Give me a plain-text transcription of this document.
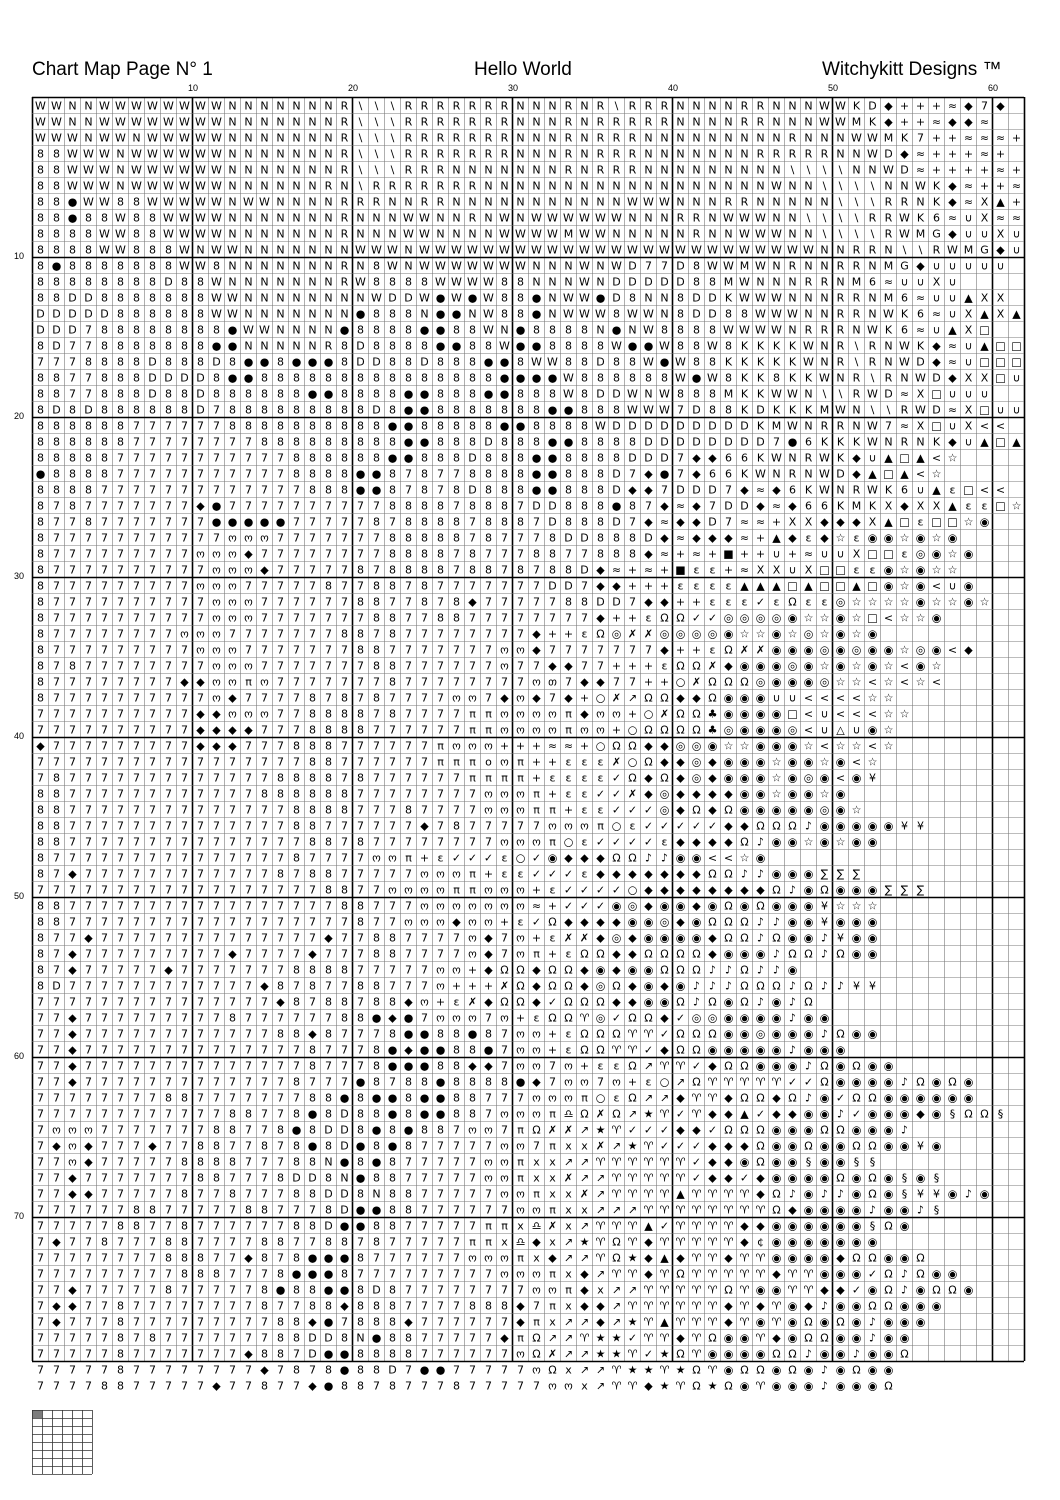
Chart Map Page N° 1	Hello World	Witchykitt Designs ™
10	20	30	40	50	60
10
20
30
40
50
60
70
W W N N W W W W W W W W N N N N N N N R \ \ \ R R R R R R R N N N R N R \ R R R N N N N R R N N N W W K D ◆ + + + ≈ ◆ 7 ◆
W W N N W W W W W W W W N N N N N N N R \ \ \ R R R R R R R N N N R N R R R R R N N N N R R N N N W W M K ◆ + + ≈ ◆ ◆ ≈
W W W N W W N W W W W W N N N N N N N R \ \ \ R R R R R R R N N N R N R R R N N N N N N N N N R N N N W W M K 7 + + ≈ ≈ ≈ +
8 8 W W W N W W W W W W N N N N N N N R \ \ \ R R R R R R R N N N R N R R R N N N N N N N R R R R R N N W D ◆ ≈ + + + ≈ +
8 8 W W W N W W W W W W N N N N N N N R \ \ \ R R R N N N N N N N R N R R R N N N N N N N N N \ \ \ \ N N W D ≈ + + + + ≈ +
8 8 W W W N W W W W W W N N N N N N R N \ R R R R R R R N N N N N N N N N N N N N N N N N N W N N \ \ \ \ N N W K ◆ ≈ + + ≈
8 8 ● W W 8 8 W W W W W N W W N N N N R R R N N R R N N N N N N N N N N N W W W N N N R R N N N N N \ \ \ R R N K ◆ ≈ X ▲ +
8 8 ● 8 8 W 8 8 W W W W N N N N N N N R N N N W W N N R N W N W W W W W W N N N R R N W W W N N \ \ \ \ R R W K 6 ≈ ∪ X ≈ ≈
8 8 8 8 W W 8 8 W W W W N N N N N N N R N N N W W N N N N W W W W M W W N N N N N R N N W W W N N \ \ \ \ R W M G ◆ ∪ ∪ X ∪
8 8 8 8 W W 8 8 8 W N W W N N N N N N N W W W N W W W W W W W W W W W W W W W W W W W W W W W W W N N R R N \ \ R W M G ◆ ∪
8 ● 8 8 8 8 8 8 8 W W 8 N N N N N N N R N 8 W N W W W W W W W N N N W N W D 7 7 D 8 W W M W N R N N R R N M G ◆ ∪ ∪ ∪ ∪ ∪
8 8 8 8 8 8 8 8 D 8 8 W N N N N N N N R W 8 8 8 8 W W W W 8 8 N N N W N D D D D D 8 8 M W N N N R R N M 6 ≈ ∪ ∪ X ∪
8 8 D D 8 8 8 8 8 8 8 W W N N N N N N N N W D D W ● W ● W 8 8 ● N W W ● D 8 N N 8 D D K W W W N N N R R N M 6 ≈ ∪ ∪ ▲ X X
D D D D D 8 8 8 8 8 8 W W N N N N N N N ● 8 8 8 N ● ● N W 8 8 ● N W W W 8 W W N 8 D D 8 8 W W W N N R R N W K 6 ≈ ∪ X ▲ X ▲
D D D 7 8 8 8 8 8 8 8 8 ● W W N N N N ● 8 8 8 8 ● ● 8 8 W N ● 8 8 8 8 N ● N W 8 8 8 8 W W W W N R R R N W K 6 ≈ ∪ ▲ X □
8 D 7 7 8 8 8 8 8 8 8 ● ● N N N N N R 8 D 8 8 8 8 ● ● 8 8 W ● ● 8 8 8 8 W ● ● W 8 8 W 8 K K K K W N R \ R N W K ◆ ≈ ∪ ▲ □ □
7 7 7 8 8 8 8 D 8 8 8 D 8 ● ● 8 ● ● ● 8 D D 8 8 D 8 8 8 ● ● 8 W W 8 8 D 8 8 W ● W 8 8 K K K K K W N R \ R N W D ◆ ≈ ∪ □ □ □
8 8 7 7 8 8 8 D D D D 8 ● ● 8 8 8 8 8 8 8 8 8 8 8 8 8 8 8 ● ● ● ● W 8 8 8 8 8 8 W ● W 8 K K 8 K K W N R \ R N W D ◆ X X □ ∪
8 8 7 7 8 8 8 D 8 8 D 8 8 8 8 8 8 ● ● 8 8 8 8 ● ● 8 8 8 ● ● 8 8 8 W 8 D D W N W 8 8 8 M K K W W N \ \ R W D ≈ X □ ∪ ∪ ∪
8 D 8 D 8 8 8 8 8 8 D 7 8 8 8 8 8 8 8 8 8 D 8 ● ● 8 8 8 8 8 8 8 ● ● 8 8 8 W W W 7 D 8 8 K D K K K M W N \ \ R W D ≈ X □ ∪ ∪
8 8 8 8 8 8 7 7 7 7 7 7 8 8 8 8 8 8 8 8 8 8 ● ● 8 8 8 8 8 ● ● 8 8 8 8 W D D D D D D D D D K M W N R R N W 7 ≈ X □ ∪ X < <
8 8 8 8 8 8 7 7 7 7 7 7 7 7 8 8 8 8 8 8 8 8 8 ● ● 8 8 8 D 8 8 8 ● ● 8 8 8 8 D D D D D D D D 7 ● 6 K K K W N R N K ◆ ∪ ▲ □ ▲
8 8 8 8 8 7 7 7 7 7 7 7 7 7 7 7 8 8 8 8 8 8 ● ● 8 8 8 D 8 8 8 ● ● 8 8 8 8 D D D 7 ◆ ◆ 6 6 K W N R W K ◆ ∪ ▲ □ ▲ < ☆
● 8 8 8 8 7 7 7 7 7 7 7 7 7 7 7 8 8 8 8 ● ● 8 7 8 7 7 8 8 8 8 ● ● 8 8 8 D 7 ◆ ● 7 ◆ 6 6 K W N R N W D ◆ ▲ □ ▲ < ☆
8 8 8 8 7 7 7 7 7 7 7 7 7 7 7 7 7 8 8 8 ● ● 8 7 8 7 8 D 8 8 8 ● ● 8 8 8 D ◆ ◆ 7 D D D 7 ◆ ≈ ◆ 6 K W N R W K 6 ∪ ▲ ε □ < <
8 7 8 7 7 7 7 7 7 7 ◆ ● 7 7 7 7 7 7 7 7 7 7 8 8 8 8 7 8 8 8 7 D D 8 8 8 ● 8 7 ◆ ≈ ◆ 7 D D ◆ ≈ ◆ 6 6 K M K X ◆ X X ▲ ε ε □ ☆
8 7 7 8 7 7 7 7 7 7 7 ● ● ● ● ● 7 7 7 7 7 8 7 8 8 8 8 7 8 8 8 7 D 8 8 8 D 7 ◆ ≈ ◆ ◆ D 7 ≈ ≈ + X X ◆ ◆ ◆ X ▲ □ ε □ □ ☆ ◉
8 7 7 7 7 7 7 7 7 7 7 7 ო ო ო 7 7 7 7 7 7 7 8 8 8 8 8 7 8 7 7 7 8 D D 8 8 8 D ◆ ≈ ◆ ◆ ◆ ≈ + ▲ ◆ ε ◆ ☆ ε ◉ ◉ ☆ ◉ ☆ ◉
8 7 7 7 7 7 7 7 7 7 ო ო ო ◆ 7 7 7 7 7 7 7 7 8 8 8 8 7 8 7 7 7 8 8 7 7 8 8 8 ◆ ≈ + ≈ + ■ + + ∪ + ≈ ∪ ∪ X □ □ ε ◎ ◉ ☆ ◉
8 7 7 7 7 7 7 7 7 7 7 ო ო ო ◆ 7 7 7 7 7 8 7 8 8 8 8 7 8 8 7 8 7 8 8 D ◆ ≈ + ≈ + ■ ε ε + ≈ X X ∪ X □ □ ε ε ◉ ☆ ◉ ☆ ☆
8 7 7 7 7 7 7 7 7 7 ო ო ო 7 7 7 7 7 8 7 7 8 8 7 8 7 7 7 7 7 7 7 D D 7 ◆ ◆ + + + ε ε ε ε ▲ ▲ ▲ □ ▲ □ □ ▲ □ ◉ ☆ ◉ < ∪ ◉
8 7 7 7 7 7 7 7 7 7 7 ო ო ო 7 7 7 7 7 7 8 8 7 7 8 7 8 ◆ 7 7 7 7 7 8 8 D D 7 ◆ ◆ + + ε ε ε ✓ ε Ω ε ε ◎ ☆ ☆ ☆ ☆ ◉ ☆ ☆ ◉ ☆
8 7 7 7 7 7 7 7 7 7 7 ო ო ო 7 7 7 7 7 7 7 8 8 7 7 8 8 7 7 7 7 7 7 7 7 ◆ + + ε Ω Ω ✓ ✓ ◎ ◎ ◎ ◎ ◉ ☆ ☆ ◉ ☆ □ < ☆ ☆ ◉
8 7 7 7 7 7 7 7 7 ო ო ო 7 7 7 7 7 7 7 8 8 7 8 7 7 7 7 7 7 7 7 ◆ + + ε Ω ◎ ✗ ✗ ◎ ◎ ◎ ◎ ◉ ☆ ☆ ◉ ☆ ◎ ☆ ◉ ☆ ◉
8 7 7 7 7 7 7 7 7 7 ო ო ო 7 7 7 7 7 7 7 8 8 7 7 7 7 7 7 7 ო ო ◆ 7 7 7 7 7 7 7 ◆ + + ε Ω ✗ ✗ ◉ ◉ ◉ ◎ ◉ ◎ ◉ ◉ ☆ ◎ ◉ < ◆
8 7 8 7 7 7 7 7 7 7 7 ო ო ო 7 7 7 7 7 7 7 8 8 7 7 7 7 7 7 ო 7 7 ◆ ◆ 7 7 + + + ε Ω Ω ✗ ◆ ◉ ◉ ◉ ◎ ◉ ☆ ◉ ☆ ◉ ☆ < ◉ ☆
8 7 7 7 7 7 7 7 7 ◆ ◆ ო ო π ო 7 7 7 7 7 7 7 8 7 7 7 7 7 7 7 7 ო თ 7 ◆ ◆ 7 7 + + ○ ✗ Ω Ω Ω ◎ ◉ ◉ ◉ ◎ ☆ ☆ < ☆ < ☆ <
8 7 7 7 7 7 7 7 7 7 7 ო ◆ 7 7 7 7 8 7 8 7 8 7 7 7 7 ო ო 7 ◆ ო ◆ 7 ◆ + ○ ✗ ↗ Ω Ω ◆ ◆ Ω ◉ ◉ ◉ ∪ ∪ < < < < ☆ ☆
7 7 7 7 7 7 7 7 7 7 ◆ ◆ ო ო ო 7 7 8 8 8 8 7 8 7 7 7 7 π π ო ო ო ო π ◆ ო ო + ○ ✗ Ω Ω ♣ ◉ ◉ ◉ ◉ □ < ∪ < < < ☆ ☆
7 7 7 7 7 7 7 7 7 7 ◆ ◆ ◆ ◆ 7 7 7 8 8 8 8 7 7 7 7 7 7 π π ო ო ო ო π ო ო + ○ Ω Ω Ω Ω ♣ ◎ ◉ ◉ ◉ ◎ < ∪ △ ∪ ◉ ☆
◆ 7 7 7 7 7 7 7 7 7 ◆ ◆ ◆ 7 7 7 8 8 8 7 7 7 7 7 7 π ო ო ო + + + ≈ ≈ + ○ Ω Ω ◆ ◆ ◎ ◎ ◉ ☆ ☆ ◉ ◉ ◉ ☆ < ☆ ☆ < ☆
7 7 7 7 7 7 7 7 7 7 7 7 7 7 7 7 7 8 8 7 7 7 7 7 7 π π π ο ო π + + ε ε ε ✗ ○ Ω ◆ ◆ ◎ ◆ ◉ ◉ ◉ ☆ ◉ ◉ ☆ ◉ < ☆
7 8 7 7 7 7 7 7 7 7 7 7 7 7 7 8 8 8 8 7 8 7 7 7 7 7 7 π π π π + ε ε ε ε ✓ Ω ◆ Ω ◆ ◎ ◆ ◉ ◉ ◉ ☆ ◉ ◎ ◉ < ◉ ¥
8 8 7 7 7 7 7 7 7 7 7 7 7 7 8 8 8 8 8 8 7 7 7 7 7 7 7 7 ო ო ო π + ε ε ✓ ✓ ✗ ◆ ◎ ◆ ◆ ◆ ◆ ◉ ◉ ☆ ◉ ◉ ☆ ◉
8 8 7 7 7 7 7 7 7 7 7 7 7 7 7 7 8 8 8 8 7 7 7 8 7 7 7 7 ო ო ო π π + ε ε ✓ ✓ ✓ ◎ ◆ Ω ◆ Ω ◉ ◉ ◉ ◉ ◉ ◎ ◉ ☆
8 8 7 7 7 7 7 7 7 7 7 7 7 7 7 7 8 8 7 7 7 7 7 7 ◆ 7 8 7 7 7 7 7 ო ო ო π ○ ε ✓ ✓ ✓ ✓ ✓ ◆ ◆ Ω Ω Ω ♪ ◉ ◉ ◉ ◉ ◉ ¥ ¥
8 8 7 7 7 7 7 7 7 7 7 7 7 7 7 7 7 8 8 7 8 7 7 7 7 7 7 7 7 ო ო ო π ○ ε ✓ ✓ ✓ ✓ ε ◆ ◆ ◆ ◆ Ω ♪ ◉ ◉ ☆ ◉ ☆ ◉ ◉
8 7 7 7 7 7 7 7 7 7 7 7 7 7 7 7 8 7 7 7 7 ო ო π + ε ✓ ✓ ✓ ε ○ ✓ ◉ ◆ ◆ ◆ Ω Ω ♪ ♪ ◉ ◉ < < ☆ ◉
8 7 ◆ 7 7 7 7 7 7 7 7 7 7 7 7 8 7 8 8 7 7 7 7 7 ო ო ო π + ε ε ✓ ✓ ✓ ε ◆ ◆ ◆ ◆ ◆ ◆ ◆ Ω Ω ♪ ♪ ◉ ◉ ◉ ∑ ∑ ∑
7 7 7 7 7 7 7 7 7 7 7 7 7 7 7 7 7 7 8 8 7 7 ო ო ო ო π π ო ო ო + ε ✓ ✓ ✓ ✓ ○ ◆ ◆ ◆ ◆ ◆ ◆ ◆ ◆ Ω ♪ ◉ Ω ◉ ◉ ◉ ∑ ∑ ∑
8 8 7 7 7 7 7 7 7 7 7 7 7 7 7 7 7 7 7 8 8 7 7 7 ო ო ო ო ო ო ო ≈ + ✓ ✓ ✓ ◉ ◎ ◆ ◉ ◉ ◆ ◉ Ω ◉ Ω ◉ ◉ ◉ ¥ ☆ ☆ ☆
8 8 7 7 7 7 7 7 7 7 7 7 7 7 7 7 7 7 7 7 8 7 7 ო ო ო ◆ ო ო + ε ✓ Ω ◆ ◆ ◆ ◆ ◉ ◉ ◎ ◆ ◉ Ω Ω Ω ♪ ♪ ◉ ◉ ¥ ◉ ◉ ◉
8 7 7 ◆ 7 7 7 7 7 7 7 7 7 7 7 7 7 7 ◆ 7 7 8 8 7 7 7 7 ო ◆ 7 ო + ε ✗ ✗ ◆ ◎ ◆ ◉ ◉ ◉ ◉ ◆ Ω Ω ♪ Ω ◉ ◉ ♪ ¥ ◉ ◉
8 7 ◆ 7 7 7 7 7 7 7 7 7 ◆ 7 7 7 7 ◆ 7 7 7 8 8 7 7 7 7 ო ◆ 7 ო π + ε Ω Ω ◆ ◆ Ω Ω Ω Ω ◆ ◉ ◉ ◉ ♪ Ω Ω ♪ Ω ◉ ◉
8 7 ◆ 7 7 7 7 7 ◆ 7 7 7 7 7 7 7 8 8 8 8 7 7 7 7 7 ო ო + ◆ Ω Ω ◆ Ω Ω ◆ ◉ ◆ ◉ ◉ Ω Ω Ω ♪ ♪ Ω ♪ ♪ ◉
8 D 7 7 7 7 7 7 7 7 7 7 7 7 ◆ 8 7 8 7 7 8 8 7 7 7 ო + + + ✗ Ω ◆ Ω Ω ◆ ◎ Ω ◆ ◉ ◆ ◉ ♪ ♪ ♪ Ω Ω Ω ♪ Ω ♪ ♪ ¥ ¥
7 7 7 7 7 7 7 7 7 7 7 7 7 7 7 ◆ 8 7 8 8 7 8 8 ◆ ო + ε ✗ ◆ Ω Ω ◆ ✓ Ω Ω Ω ◆ ◆ ◉ ◉ Ω ♪ Ω ◉ Ω ♪ ◉ ♪ Ω
7 7 ◆ 7 7 7 7 7 7 7 7 7 8 7 7 7 7 7 7 8 8 ● ◆ ● 7 ო ო ო 7 ო + ε Ω Ω ♈ ◎ ✓ Ω Ω ◆ ✓ ◎ ◎ ◉ ◉ ◉ ◉ ♪ ◉ ◉
7 7 ◆ 7 7 7 7 7 7 7 7 7 7 7 7 8 8 ◆ 8 7 7 7 8 ● ● 8 8 ● 8 7 ო ო + ε Ω Ω Ω ♈ ♈ ✓ Ω Ω Ω ◉ ◉ ◎ ◉ ◉ ◉ ♪ Ω ◉ ◉
7 7 ◆ 7 7 7 7 7 7 7 7 7 7 7 7 7 7 8 7 7 7 8 ● ◆ ● ● 8 8 ● 7 ო ო + ε Ω Ω ♈ ♈ ✓ ◆ Ω Ω ◉ ◉ ◉ ◉ ◉ ♪ ◉ ◉ ◉
7 7 ◆ 7 7 7 7 7 7 7 7 7 7 7 7 7 7 8 7 7 7 8 ● ● ● 8 8 ◆ ◆ 7 ო ო 7 ო + ε ε Ω ↗ ♈ ♈ ✓ ◆ Ω Ω ◉ ◉ ◉ ♪ Ω ◉ Ω ◉ ◉
7 7 ◆ 7 7 7 7 7 7 7 7 7 7 7 7 7 8 7 7 7 ● 8 7 8 8 ● 8 8 8 8 ● ◆ 7 ო ო 7 ო + ε ○ ↗ Ω ♈ ♈ ♈ ♈ ♈ ✓ ✓ Ω ◉ ◉ ◉ ◉ ♪ Ω ◉ Ω ◉
7 7 7 7 7 7 7 7 8 8 7 7 7 7 7 7 7 8 8 ● 8 ● ● 8 ● ● 8 8 7 7 7 ო ო ო π ○ ε Ω ↗ ↗ ◆ ♈ ♈ ◆ Ω Ω ◆ Ω ♪ ◉ ✓ Ω Ω ◉ ◉ ◉ ◉ ◉ ◉
7 7 7 7 7 7 7 7 7 7 7 7 8 8 7 7 8 ● 8 D 8 8 ● 8 ● ● 8 8 7 ო ო ო π ♎ Ω ✗ Ω ↗ ★ ♈ ✓ ♈ ◆ ◆ ▲ ✓ ◆ ◆ ◉ ◉ ♪ ✓ ◉ ◉ ◉ ◆ ◉ § Ω Ω §
7 ო ო ო 7 7 7 7 7 7 7 8 8 7 7 8 ● 8 D D 8 ● 8 ● 8 8 7 ო ო 7 π Ω ✗ ✗ ↗ ★ ♈ ✓ ✓ ✓ ◆ ◆ ✓ Ω Ω Ω ◉ ◉ ◉ Ω Ω ◉ ◉ ◉ ♪
7 ◆ ო ◆ 7 7 7 ◆ 7 7 8 8 7 7 8 7 8 ● 8 D ● 8 ● 8 7 7 7 7 7 ო ო 7 π x x ✗ ↗ ★ ♈ ✓ ✓ ✓ ◆ ◆ ◆ Ω ◉ ◉ Ω ◉ ◉ Ω Ω ◉ ◉ ¥ ◉
7 7 ო ◆ 7 7 7 7 7 8 8 8 8 7 7 7 8 8 N ● 8 ● 8 7 7 7 7 7 ო ო π x x ↗ ↗ ♈ ♈ ♈ ♈ ♈ ♈ ✓ ◆ ◆ ◉ Ω ◉ ◉ § ◉ ◉ § §
7 7 ◆ 7 7 7 7 7 7 7 8 8 7 7 7 8 D D 8 N ● 8 8 7 7 7 7 7 ო ო π x x ✗ ↗ ↗ ♈ ♈ ♈ ♈ ♈ ✓ ◆ ◆ ✓ ◆ ◉ ◉ ◉ ◉ Ω ◉ Ω ◉ § ◉ §
7 7 ◆ ◆ 7 7 7 7 7 8 7 7 8 7 7 7 8 8 D D 8 N 8 8 7 7 7 7 7 ო ო π x x ✗ ↗ ♈ ♈ ♈ ♈ ▲ ♈ ♈ ♈ ♈ ◆ Ω ♪ ◉ ♪ ♪ ◉ Ω ◉ § ¥ ¥ ◉ ♪ ◉
7 7 7 7 7 7 8 8 7 7 7 7 7 8 8 7 7 7 8 D ● ● 8 8 7 7 7 7 7 7 ო ო π x x ↗ ↗ ↗ ♈ ♈ ♈ ♈ ♈ ♈ ♈ ♈ Ω ◆ ◉ ◉ ◉ ◉ ♪ ◉ ◉ ♪ §
7 7 7 7 7 8 8 7 7 8 7 7 7 7 7 7 8 8 D ● ● 8 8 7 7 7 7 7 π π x ♎ ✗ x ↗ ♈ ♈ ♈ ▲ ✓ ♈ ♈ ♈ ♈ ◆ ◆ ◉ ◉ ◉ ◉ ◉ ◉ § Ω ◉
7 ◆ 7 7 8 7 7 7 8 8 7 7 7 7 8 8 7 7 8 8 7 8 7 7 7 7 7 π π x ♎ ◆ x ↗ ★ ♈ Ω ♈ ◆ ♈ ♈ ♈ ♈ ♈ ◆ ¢ ◉ ◉ ◉ ◉ ◉ ◉ ◉
7 7 7 7 7 7 7 7 8 8 8 7 7 ◆ 8 7 8 ● ● ● 8 7 7 7 7 7 7 ო ო ო π x ◆ ↗ ↗ ♈ Ω ★ ◆ ▲ ◆ ♈ ♈ ◆ ♈ ♈ ◉ ◉ ◉ ◉ ◆ Ω Ω ◉ ◉ Ω
7 7 7 7 7 7 7 7 7 8 8 8 7 7 7 8 ● ● ● 8 7 7 7 7 7 7 7 7 7 ო ო ო π x ◆ ↗ ♈ ♈ ◆ ♈ Ω ♈ ♈ ♈ ♈ ♈ ◆ ♈ ♈ ◉ ◉ ◉ ✓ Ω ♪ Ω ◉ ◉
7 7 ◆ 7 7 7 7 7 8 7 7 7 7 7 8 ● 8 8 ● ● 8 D 8 7 7 7 7 7 7 7 7 ო ო π ◆ x ↗ ↗ ♈ ♈ ♈ ♈ ♈ Ω ♈ ◉ ◉ ♈ ♈ ◆ ◆ ✓ ◉ Ω ♪ ◉ Ω Ω ◉
7 ◆ ◆ 7 7 8 7 7 7 7 7 7 7 7 8 7 7 8 8 ◆ 8 8 8 7 7 7 7 8 8 8 ◆ 7 π x ◆ ◆ ↗ ♈ ♈ ♈ ♈ ♈ ♈ ◆ ♈ ◆ ♈ ◉ ◆ ♪ ◉ ◉ Ω Ω ◉ ◉ ◉
7 ◆ 7 7 7 8 7 7 7 7 7 7 7 7 7 8 8 ◆ ● 7 8 8 8 ◆ 7 7 7 7 7 7 ◆ π x ↗ ↗ ◆ ↗ ★ ♈ ▲ ♈ ♈ ♈ ◆ ♈ ◉ ♈ ◉ Ω ◉ Ω ◉ ♪ ◉ ◉ ◉
7 7 7 7 7 8 7 8 7 7 7 7 7 7 7 8 8 D D 8 N ● 8 8 7 7 7 7 7 ◆ π Ω ↗ ↗ ♈ ★ ★ ✓ ♈ ♈ ◆ ♈ Ω ◉ ◉ ♈ ◆ ◉ Ω Ω ◉ ◉ ♪ ◉ ◉
7 7 7 7 7 8 7 7 7 7 7 7 7 ◆ 8 8 7 D ● ● 8 8 8 8 7 7 7 7 7 7 ო Ω ✗ ↗ ↗ ★ ★ ♈ ✓ ★ Ω ♈ ◉ ◉ ◉ ◉ Ω Ω ♪ ◉ ◉ ♪ ◉ ◉ Ω
7 7 7 7 7 8 7 7 7 7 7 7 7 7 ◆ 7 8 7 8 ● 8 8 D 7 ● ● 7 7 7 7 7 ო Ω x ↗ ↗ ♈ ★ ★ ♈ ★ Ω ♈ ◉ Ω Ω ◉ Ω ◉ ♪ ◉ Ω ◉ ◉
7 7 7 7 8 8 7 7 7 7 7 ◆ 7 7 8 7 7 ◆ ● 8 8 7 8 7 7 7 8 7 7 7 7 7 ო ო x ↗ ♈ ♈ ◆ ★ ♈ Ω ★ Ω ◉ ♈ ◉ ◉ ◉ ♪ ◉ ◉ ◉ Ω
